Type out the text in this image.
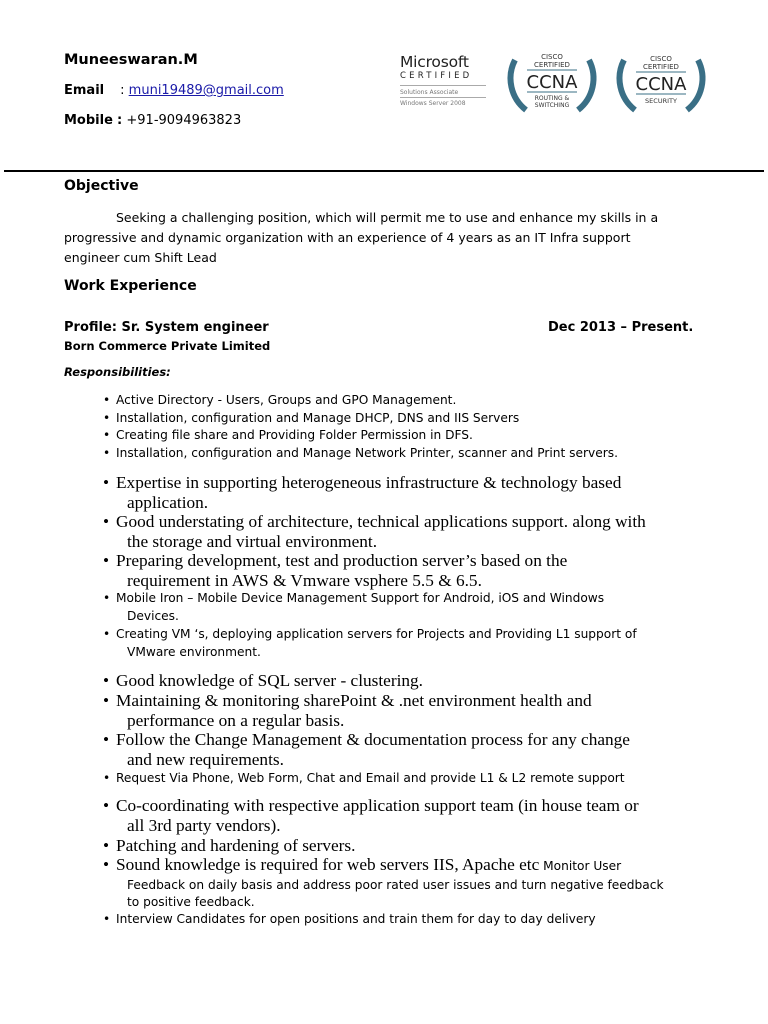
Muneeswaran.M
Email : muni19489@gmail.com
Mobile : +91-9094963823
Microsoft
CERTIFIED
Solutions Associate
Windows Server 2008
CISCO
CERTIFIED
CCNA
ROUTING &
SWITCHING
CISCO
CERTIFIED
CCNA
SECURITY
Objective
Seeking a challenging position, which will permit me to use and enhance my skills in a
progressive and dynamic organization with an experience of 4 years as an IT Infra support
engineer cum Shift Lead
Work Experience
Profile: Sr. System engineer	Dec 2013 – Present.
Born Commerce Private Limited
Responsibilities:
• Active Directory - Users, Groups and GPO Management.
• Installation, configuration and Manage DHCP, DNS and IIS Servers
• Creating file share and Providing Folder Permission in DFS.
• Installation, configuration and Manage Network Printer, scanner and Print servers.
• Expertise in supporting heterogeneous infrastructure & technology based
application.
• Good understating of architecture, technical applications support. along with
the storage and virtual environment.
• Preparing development, test and production server’s based on the
requirement in AWS & Vmware vsphere 5.5 & 6.5.
• Mobile Iron – Mobile Device Management Support for Android, iOS and Windows
Devices.
• Creating VM ‘s, deploying application servers for Projects and Providing L1 support of
VMware environment.
• Good knowledge of SQL server - clustering.
• Maintaining & monitoring sharePoint & .net environment health and
performance on a regular basis.
• Follow the Change Management & documentation process for any change
and new requirements.
• Request Via Phone, Web Form, Chat and Email and provide L1 & L2 remote support
• Co-coordinating with respective application support team (in house team or
all 3rd party vendors).
• Patching and hardening of servers.
• Sound knowledge is required for web servers IIS, Apache etc Monitor User
Feedback on daily basis and address poor rated user issues and turn negative feedback
to positive feedback.
• Interview Candidates for open positions and train them for day to day delivery
